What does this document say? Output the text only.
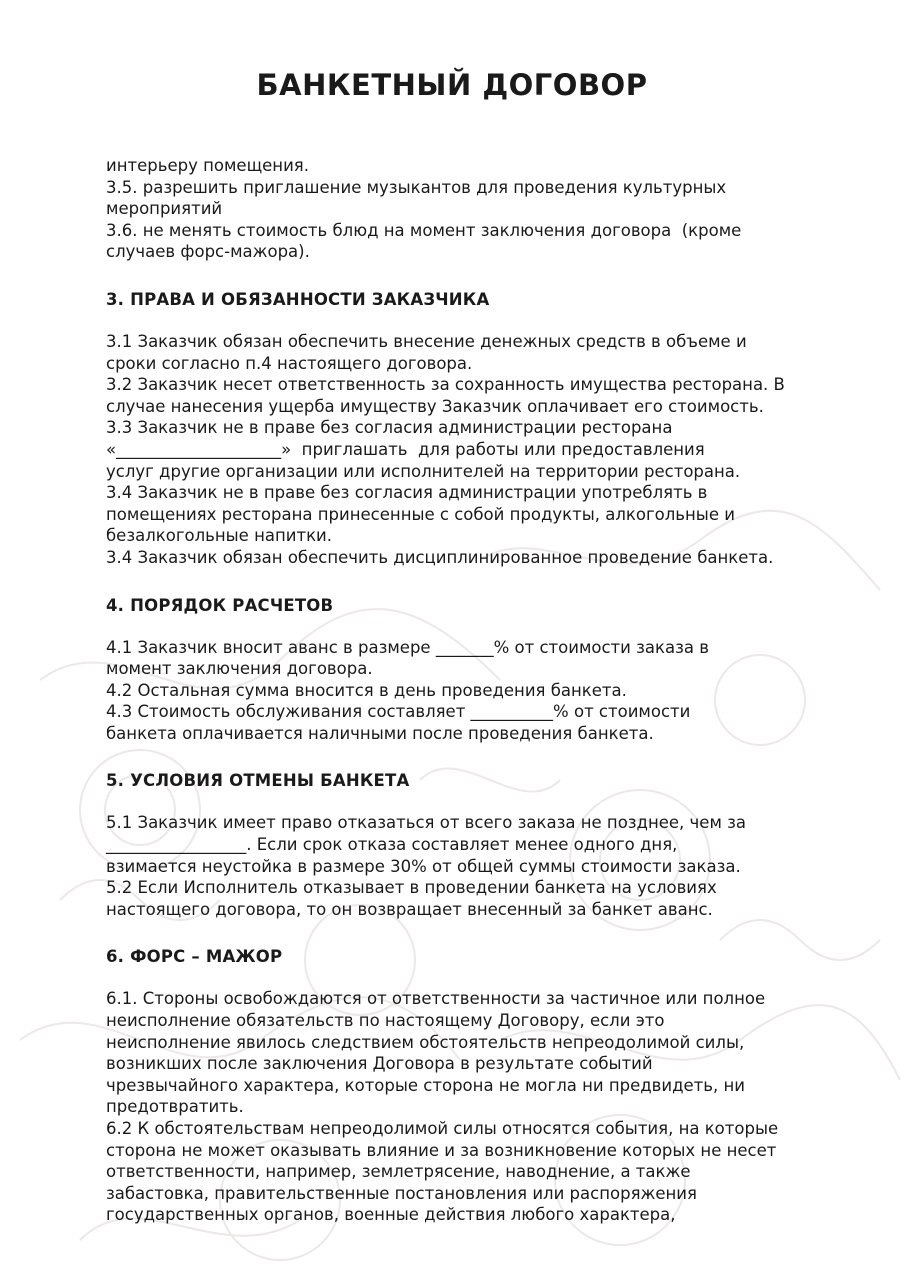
БАНКЕТНЫЙ ДОГОВОР

интерьеру помещения.

3.5. разрешить приглашение музыкантов для проведения культурных

мероприятий

3.6. не менять стоимость блюд на момент заключения договора  (кроме

случаев форс-мажора).

3. ПРАВА И ОБЯЗАННОСТИ ЗАКАЗЧИКА

3.1 Заказчик обязан обеспечить внесение денежных средств в объеме и

сроки согласно п.4 настоящего договора.

3.2 Заказчик несет ответственность за сохранность имущества ресторана. В

случае нанесения ущерба имуществу Заказчик оплачивает его стоимость.

3.3 Заказчик не в праве без согласия администрации ресторана

«____________________»  приглашать  для работы или предоставления

услуг другие организации или исполнителей на территории ресторана.

3.4 Заказчик не в праве без согласия администрации употреблять в

помещениях ресторана принесенные с собой продукты, алкогольные и

безалкогольные напитки.

3.4 Заказчик обязан обеспечить дисциплинированное проведение банкета.

4. ПОРЯДОК РАСЧЕТОВ

4.1 Заказчик вносит аванс в размере _______% от стоимости заказа в

момент заключения договора.

4.2 Остальная сумма вносится в день проведения банкета.

4.3 Стоимость обслуживания составляет __________% от стоимости

банкета оплачивается наличными после проведения банкета.

5. УСЛОВИЯ ОТМЕНЫ БАНКЕТА

5.1 Заказчик имеет право отказаться от всего заказа не позднее, чем за

_________________. Если срок отказа составляет менее одного дня,

взимается неустойка в размере 30% от общей суммы стоимости заказа.

5.2 Если Исполнитель отказывает в проведении банкета на условиях

настоящего договора, то он возвращает внесенный за банкет аванс.

6. ФОРС – МАЖОР

6.1. Стороны освобождаются от ответственности за частичное или полное

неисполнение обязательств по настоящему Договору, если это

неисполнение явилось следствием обстоятельств непреодолимой силы,

возникших после заключения Договора в результате событий

чрезвычайного характера, которые сторона не могла ни предвидеть, ни

предотвратить.

6.2 К обстоятельствам непреодолимой силы относятся события, на которые

сторона не может оказывать влияние и за возникновение которых не несет

ответственности, например, землетрясение, наводнение, а также

забастовка, правительственные постановления или распоряжения

государственных органов, военные действия любого характера,
